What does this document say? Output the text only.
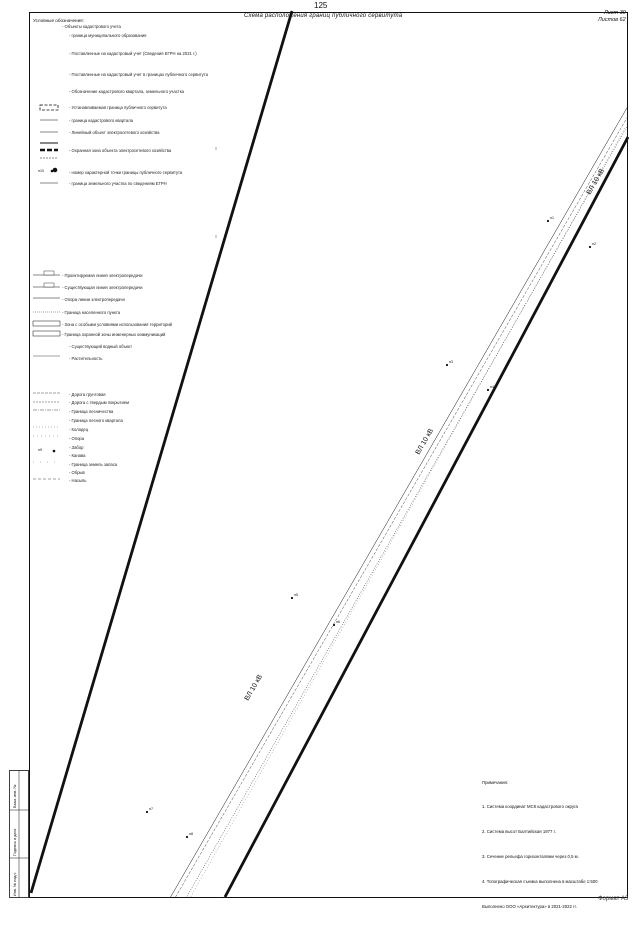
125
Схема расположения границ публичного сервитута	Лист 30
Листов 62
Условные обозначения:
- Объекты кадастрового учета
- граница муниципального образования
- Поставленные на кадастровый учет (Сведения ЕГРН на 2021 г.)
- Поставленные на кадастровый учет в границах публичного сервитута
- Обозначение кадастрового квартала, земельного участка
- Устанавливаемая граница публичного сервитута
- граница кадастрового квартала
- Линейный объект электросетевого хозяйства
- Охранная зона объекта электросетевого хозяйства
- номер характерной точки границы публичного сервитута
- граница земельного участка по сведениям ЕГРН
- Проектируемая линия электропередачи
- Существующая линия электропередачи
- Опора линии электропередачи
- Граница населенного пункта
- Зона с особыми условиями использования территорий
- Граница охранной зоны инженерных коммуникаций
- Существующий водный объект
- Растительность
- Дорога грунтовая
- Дорога с твердым покрытием
- Граница лесничества
- Граница лесного квартала
- Колодец
- Опора
- Забор
- Канава
- Граница земель запаса
- Обрыв
- Насыпь

Примечания:

1. Система координат МСК кадастрового округа

2. Система высот Балтийская 1977 г.

3. Сечение рельефа горизонталями через 0,5 м.

4. Топографическая съемка выполнена в масштабе 1:500

Выполнено ООО «Архитектура» в 2021-2022 гг.

Формат А3
ВЛ 10 кВ
ВЛ 10 кВ
ВЛ 10 кВ
н1
н2
н3
н4
н5
н6
н7
н8
н9
н10
Инв. № подл.
Подпись и дата
Взам. инв. №
